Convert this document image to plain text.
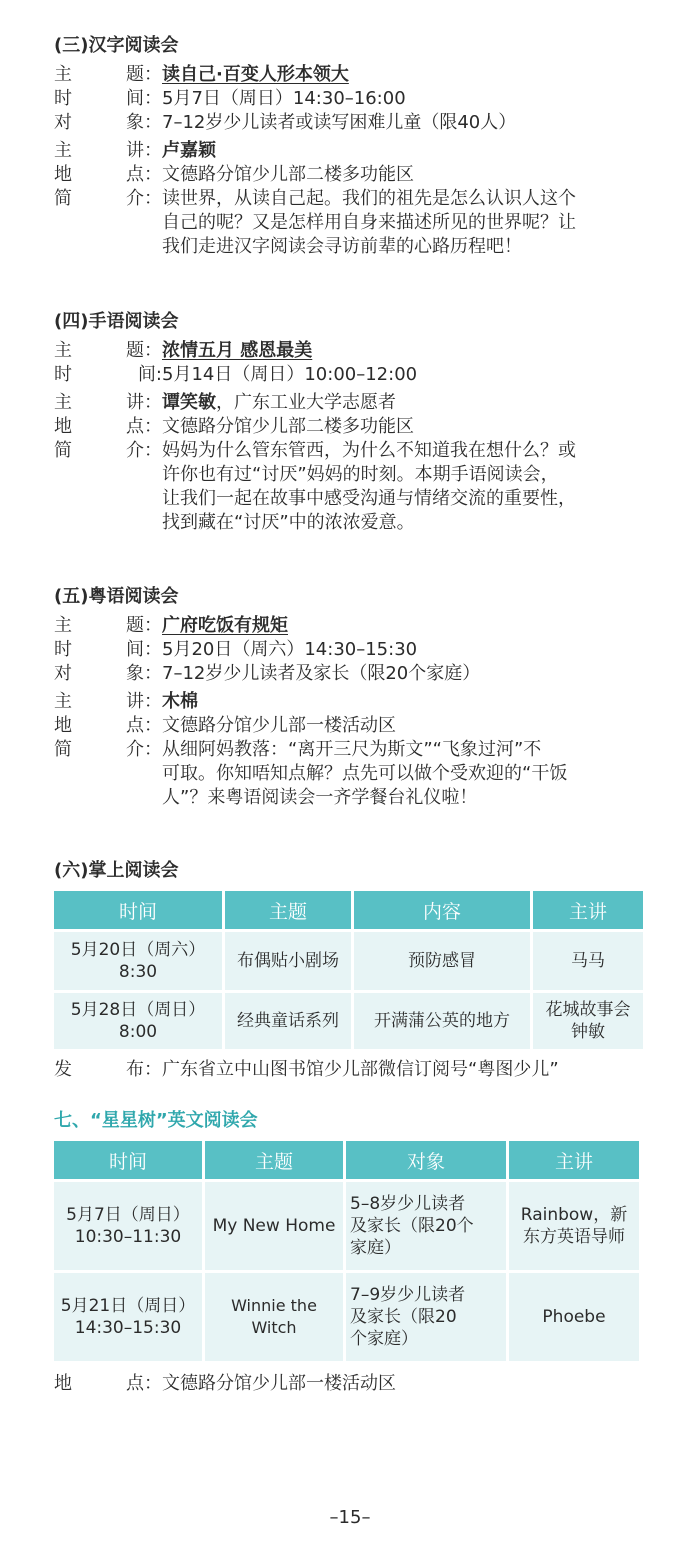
(三)汉字阅读会
主	题： 读自己·百变人形本领大
时	间： 5月7日（周日）14:30–16:00
对	象： 7–12岁少儿读者或读写困难儿童（限40人）
主	讲： 卢嘉颖
地	点： 文德路分馆少儿部二楼多功能区
简	介： 读世界，从读自己起。我们的祖先是怎么认识人这个
自己的呢？又是怎样用自身来描述所见的世界呢？让
我们走进汉字阅读会寻访前辈的心路历程吧！
(四)手语阅读会
主	题： 浓情五月 感恩最美
时	间: 5月14日（周日）10:00–12:00
主	讲： 谭笑敏，广东工业大学志愿者
地	点： 文德路分馆少儿部二楼多功能区
简	介： 妈妈为什么管东管西，为什么不知道我在想什么？或
许你也有过“讨厌”妈妈的时刻。本期手语阅读会，
让我们一起在故事中感受沟通与情绪交流的重要性，
找到藏在“讨厌”中的浓浓爱意。
(五)粤语阅读会
主	题： 广府吃饭有规矩
时	间： 5月20日（周六）14:30–15:30
对	象： 7–12岁少儿读者及家长（限20个家庭）
主	讲： 木棉
地	点： 文德路分馆少儿部一楼活动区
简	介： 从细阿妈教落：“离开三尺为斯文”“飞象过河”不
可取。你知唔知点解？点先可以做个受欢迎的“干饭
人”？来粤语阅读会一齐学餐台礼仪啦！
(六)掌上阅读会
时间	主题	内容	主讲
5月20日（周六）
8:30	布偶贴小剧场	预防感冒	马马
5月28日（周日）
8:00	经典童话系列	开满蒲公英的地方	花城故事会
钟敏
发	布： 广东省立中山图书馆少儿部微信订阅号“粤图少儿”
七、“星星树”英文阅读会
时间	主题	对象	主讲
5月7日（周日）
10:30–11:30	My New Home	5–8岁少儿读者
及家长（限20个
家庭）	Rainbow，新
东方英语导师
5月21日（周日）
14:30–15:30	Winnie the Witch	7–9岁少儿读者
及家长（限20
个家庭）	Phoebe
地	点： 文德路分馆少儿部一楼活动区
–15–
